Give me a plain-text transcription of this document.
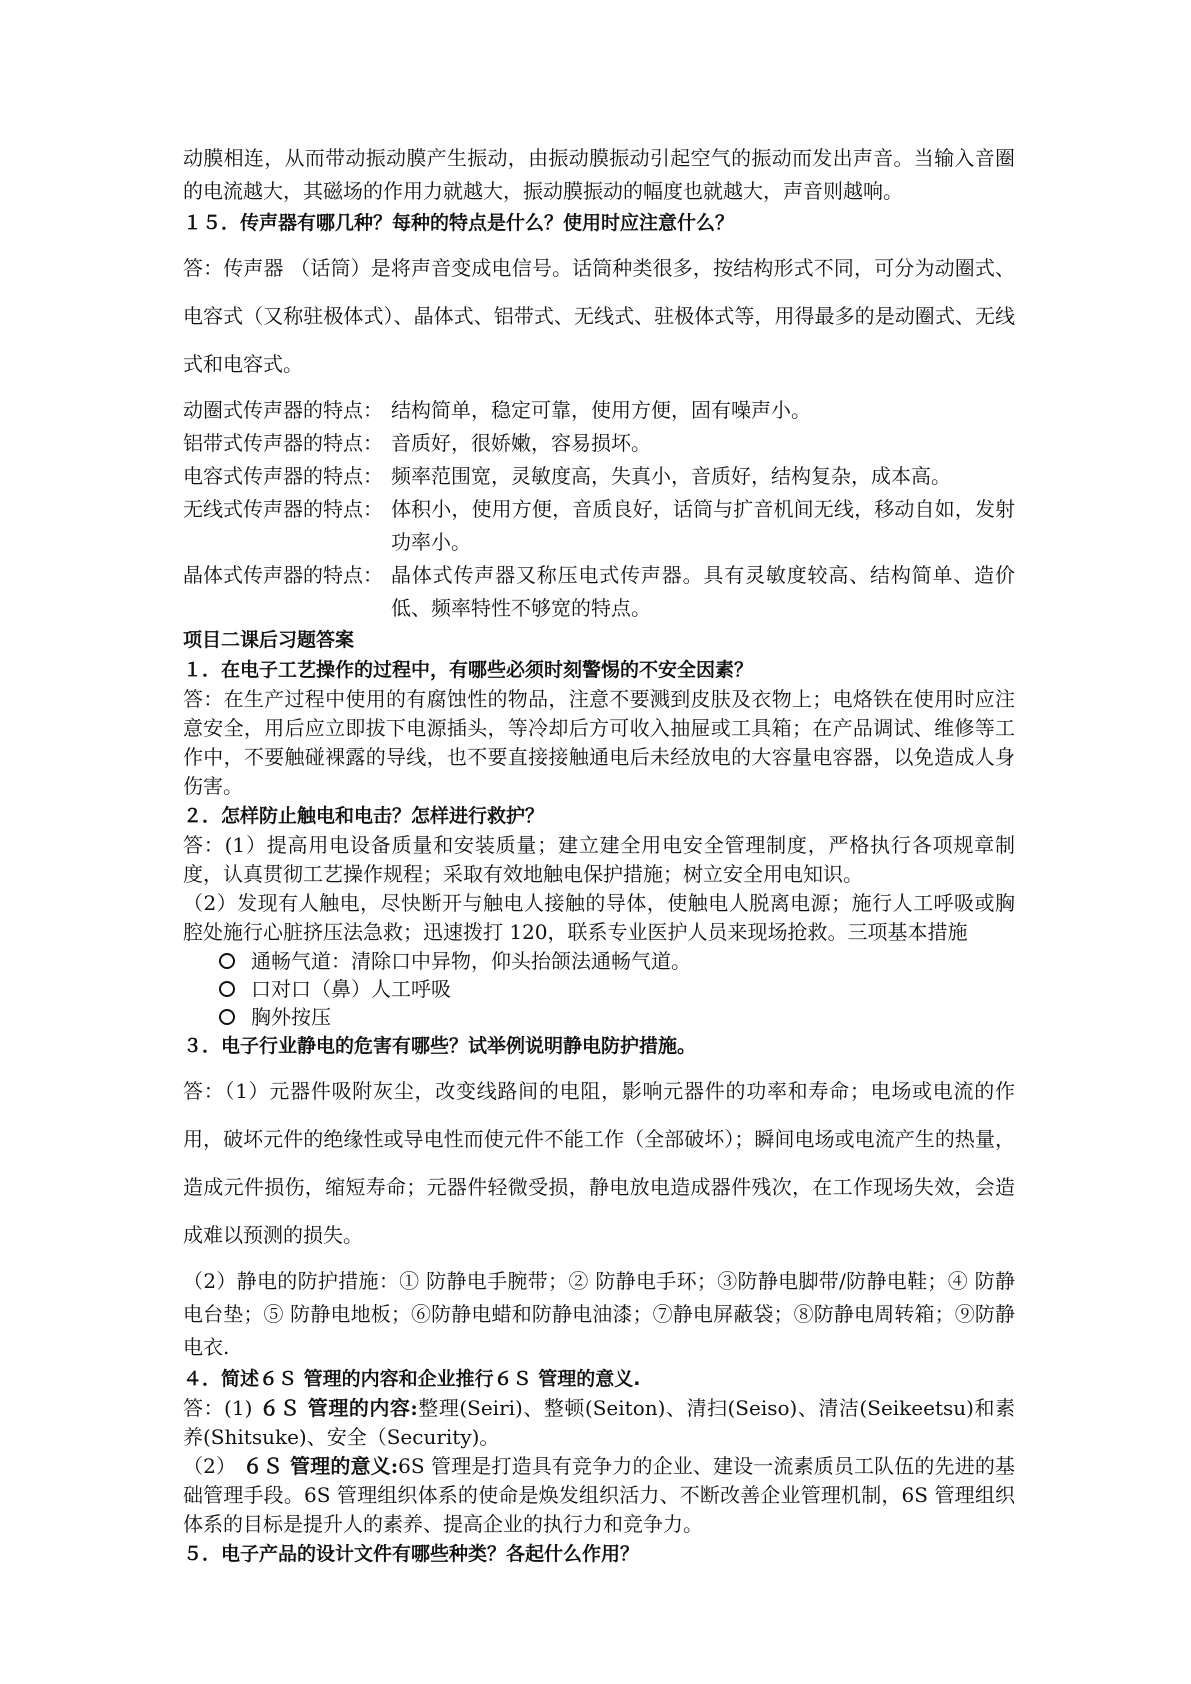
动膜相连，从而带动振动膜产生振动，由振动膜振动引起空气的振动而发出声音。当输入音圈的电流越大，其磁场的作用力就越大，振动膜振动的幅度也就越大，声音则越响。

１５．传声器有哪几种？每种的特点是什么？使用时应注意什么？

答：传声器 （话筒）是将声音变成电信号。话筒种类很多，按结构形式不同，可分为动圈式、电容式（又称驻极体式）、晶体式、铝带式、无线式、驻极体式等，用得最多的是动圈式、无线式和电容式。

动圈式传声器的特点： 结构简单，稳定可靠，使用方便，固有噪声小。
铝带式传声器的特点： 音质好，很娇嫩，容易损坏。
电容式传声器的特点： 频率范围宽，灵敏度高，失真小，音质好，结构复杂，成本高。
无线式传声器的特点： 体积小，使用方便，音质良好，话筒与扩音机间无线，移动自如，发射功率小。
晶体式传声器的特点： 晶体式传声器又称压电式传声器。具有灵敏度较高、结构简单、造价低、频率特性不够宽的特点。

项目二课后习题答案

１．在电子工艺操作的过程中，有哪些必须时刻警惕的不安全因素？

答：在生产过程中使用的有腐蚀性的物品，注意不要溅到皮肤及衣物上；电烙铁在使用时应注意安全，用后应立即拔下电源插头，等冷却后方可收入抽屉或工具箱；在产品调试、维修等工作中，不要触碰裸露的导线，也不要直接接触通电后未经放电的大容量电容器，以免造成人身伤害。

２．怎样防止触电和电击？怎样进行救护？

答：(1）提高用电设备质量和安装质量；建立建全用电安全管理制度，严格执行各项规章制度，认真贯彻工艺操作规程；采取有效地触电保护措施；树立安全用电知识。

（2）发现有人触电，尽快断开与触电人接触的导体，使触电人脱离电源；施行人工呼吸或胸腔处施行心脏挤压法急救；迅速拨打 120，联系专业医护人员来现场抢救。三项基本措施

通畅气道：清除口中异物，仰头抬颌法通畅气道。
口对口（鼻）人工呼吸
胸外按压

３．电子行业静电的危害有哪些？试举例说明静电防护措施。

答：（1）元器件吸附灰尘，改变线路间的电阻，影响元器件的功率和寿命；电场或电流的作用，破坏元件的绝缘性或导电性而使元件不能工作（全部破坏）；瞬间电场或电流产生的热量，造成元件损伤，缩短寿命；元器件轻微受损，静电放电造成器件残次，在工作现场失效，会造成难以预测的损失。

（2）静电的防护措施：① 防静电手腕带；② 防静电手环；③防静电脚带/防静电鞋；④ 防静电台垫；⑤ 防静电地板；⑥防静电蜡和防静电油漆；⑦静电屏蔽袋；⑧防静电周转箱；⑨防静电衣.

４．简述６Ｓ 管理的内容和企业推行６Ｓ 管理的意义.

答：(1) ６Ｓ 管理的内容:整理(Seiri)、整顿(Seiton)、清扫(Seiso)、清洁(Seikeetsu)和素养(Shitsuke)、安全（Security)。

（2） ６Ｓ 管理的意义:6S 管理是打造具有竞争力的企业、建设一流素质员工队伍的先进的基础管理手段。6S 管理组织体系的使命是焕发组织活力、不断改善企业管理机制，6S 管理组织体系的目标是提升人的素养、提高企业的执行力和竞争力。

５．电子产品的设计文件有哪些种类？各起什么作用？
